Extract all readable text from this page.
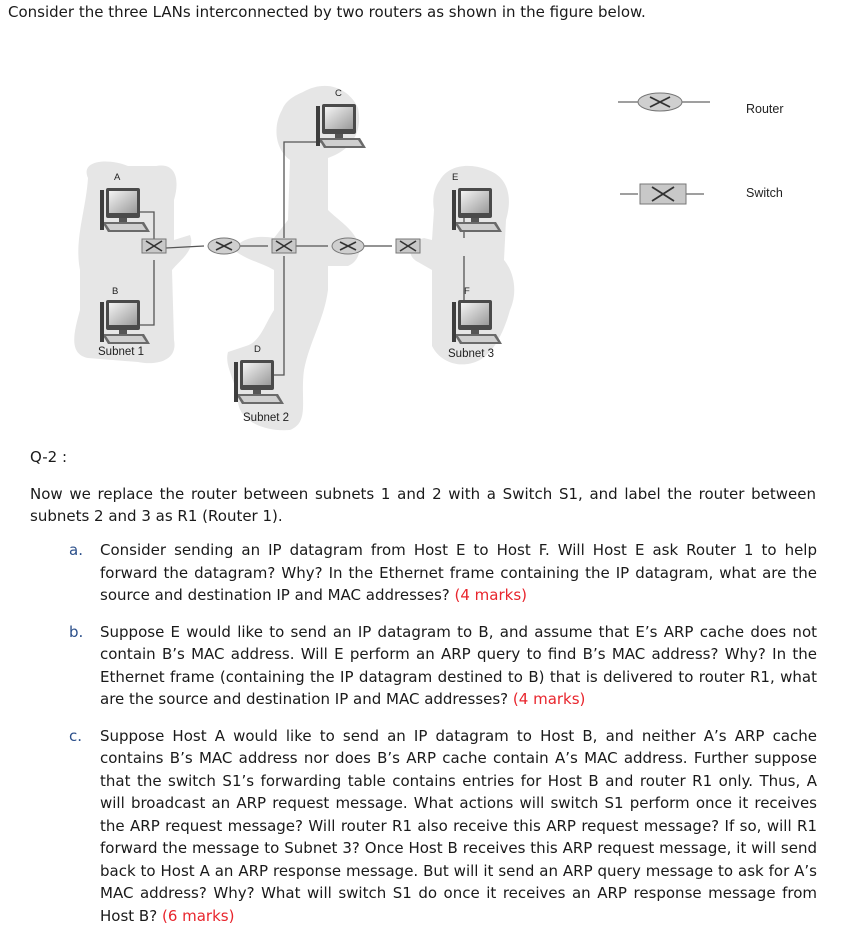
Consider the three LANs interconnected by two routers as shown in the figure below.
A
B
C
D
E
F
Subnet 1
Subnet 2
Subnet 3
Router
Switch
Q-2 :
Now we replace the router between subnets 1 and 2 with a Switch S1, and label the router between subnets 2 and 3 as R1 (Router 1).
a. Consider sending an IP datagram from Host E to Host F. Will Host E ask Router 1 to help forward the datagram? Why? In the Ethernet frame containing the IP datagram, what are the source and destination IP and MAC addresses? (4 marks)
b. Suppose E would like to send an IP datagram to B, and assume that E’s ARP cache does not contain B’s MAC address. Will E perform an ARP query to find B’s MAC address? Why? In the Ethernet frame (containing the IP datagram destined to B) that is delivered to router R1, what are the source and destination IP and MAC addresses? (4 marks)
c. Suppose Host A would like to send an IP datagram to Host B, and neither A’s ARP cache contains B’s MAC address nor does B’s ARP cache contain A’s MAC address. Further suppose that the switch S1’s forwarding table contains entries for Host B and router R1 only. Thus, A will broadcast an ARP request message. What actions will switch S1 perform once it receives the ARP request message? Will router R1 also receive this ARP request message? If so, will R1 forward the message to Subnet 3? Once Host B receives this ARP request message, it will send back to Host A an ARP response message. But will it send an ARP query message to ask for A’s MAC address? Why? What will switch S1 do once it receives an ARP response message from Host B? (6 marks)
